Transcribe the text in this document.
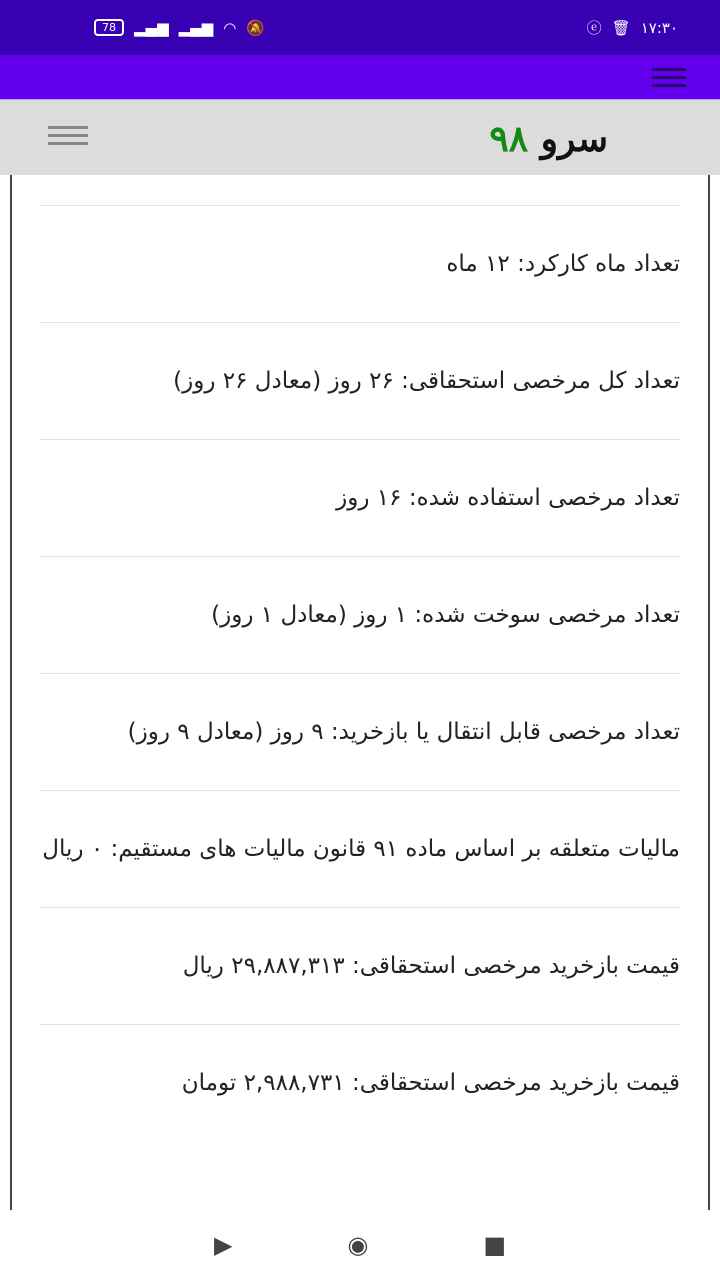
78	▂▄▆ ▂▄▆ ◠ 🔕	ⓔ 🗑 ۱۷:۳۰
سرو ۹۸
تعداد ماه کارکرد: ۱۲ ماه
تعداد کل مرخصی استحقاقی: ۲۶ روز (معادل ۲۶ روز)
تعداد مرخصی استفاده شده: ۱۶ روز
تعداد مرخصی سوخت شده: ۱ روز (معادل ۱ روز)
تعداد مرخصی قابل انتقال یا بازخرید: ۹ روز (معادل ۹ روز)
مالیات متعلقه بر اساس ماده ۹۱ قانون مالیات های مستقیم: ۰ ریال
قیمت بازخرید مرخصی استحقاقی: ۲۹,۸۸۷,۳۱۳ ریال
قیمت بازخرید مرخصی استحقاقی: ۲,۹۸۸,۷۳۱ تومان
▶	◉	■
